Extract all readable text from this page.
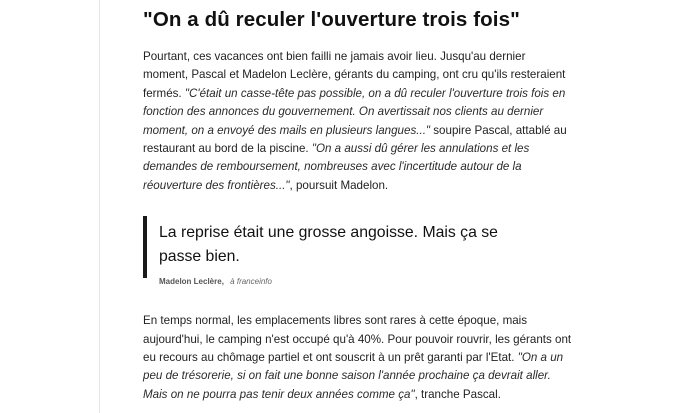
"On a dû reculer l'ouverture trois fois"

Pourtant, ces vacances ont bien failli ne jamais avoir lieu. Jusqu'au dernier moment, Pascal et Madelon Leclère, gérants du camping, ont cru qu'ils resteraient fermés. "C'était un casse-tête pas possible, on a dû reculer l'ouverture trois fois en fonction des annonces du gouvernement. On avertissait nos clients au dernier moment, on a envoyé des mails en plusieurs langues..." soupire Pascal, attablé au restaurant au bord de la piscine. "On a aussi dû gérer les annulations et les demandes de remboursement, nombreuses avec l'incertitude autour de la réouverture des frontières...", poursuit Madelon.

La reprise était une grosse angoisse. Mais ça se passe bien.

Madelon Leclère, à franceinfo

En temps normal, les emplacements libres sont rares à cette époque, mais aujourd'hui, le camping n'est occupé qu'à 40%. Pour pouvoir rouvrir, les gérants ont eu recours au chômage partiel et ont souscrit à un prêt garanti par l'Etat. "On a un peu de trésorerie, si on fait une bonne saison l'année prochaine ça devrait aller. Mais on ne pourra pas tenir deux années comme ça", tranche Pascal.
